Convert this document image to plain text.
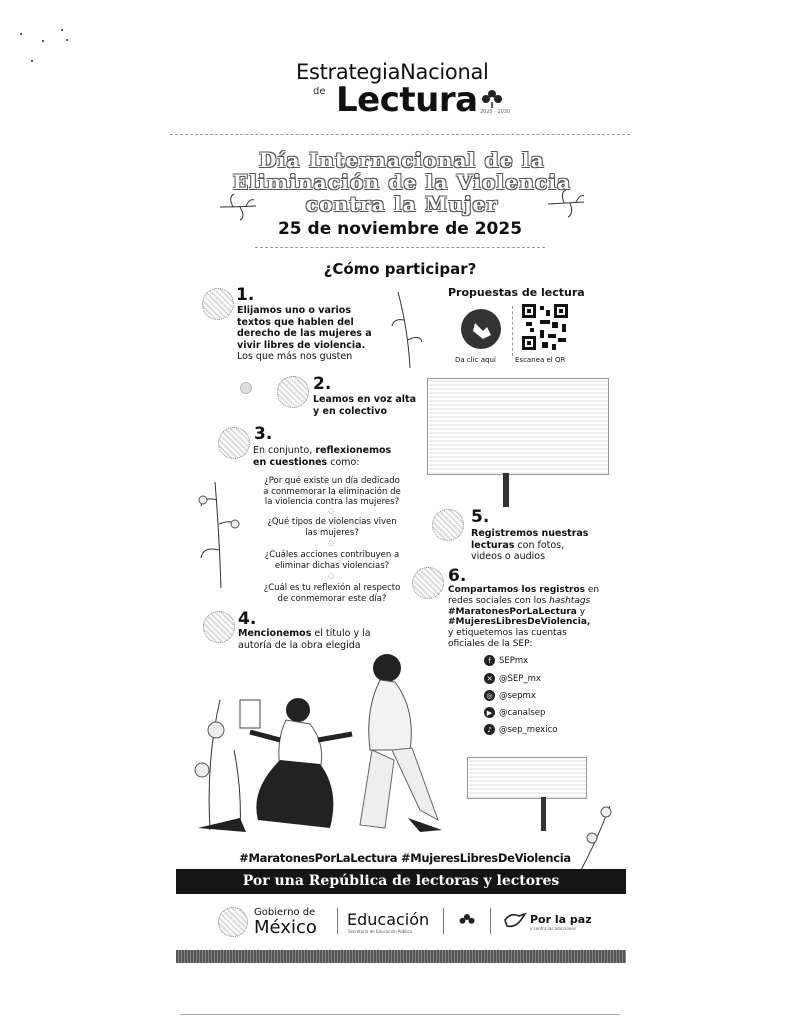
EstrategiaNacional
de Lectura 2025 · 2030
Día Internacional de la
Eliminación de la Violencia
contra la Mujer
25 de noviembre de 2025
¿Cómo participar?
1.
Elijamos uno o varios
textos que hablen del
derecho de las mujeres a
vivir libres de violencia.
Los que más nos gusten
Propuestas de lectura
Da clic aquí	Escanea el QR
2.
Leamos en voz alta
y en colectivo
3.
En conjunto, reflexionemos
en cuestiones como:
¿Por qué existe un día dedicado
a conmemorar la eliminación de
la violencia contra las mujeres?
◌
¿Qué tipos de violencias viven
las mujeres?
◌
¿Cuáles acciones contribuyen a
eliminar dichas violencias?
◌
¿Cuál es tu reflexión al respecto
de conmemorar este día?
5.
Registremos nuestras
lecturas con fotos,
videos o audios
6.
Compartamos los registros en
redes sociales con los hashtags
#MaratonesPorLaLectura y
#MujeresLibresDeViolencia,
y etiquetemos las cuentas
oficiales de la SEP:
4.
Mencionemos el título y la
autoría de la obra elegida
f SEPmx
✕ @SEP_mx
◎ @sepmx
▶ @canalsep
♪ @sep_mexico
#MaratonesPorLaLectura #MujeresLibresDeViolencia
Por una República de lectoras y lectores
Gobierno de
México Educación
Secretaría de Educación Pública
Por la paz
y contra las adicciones
